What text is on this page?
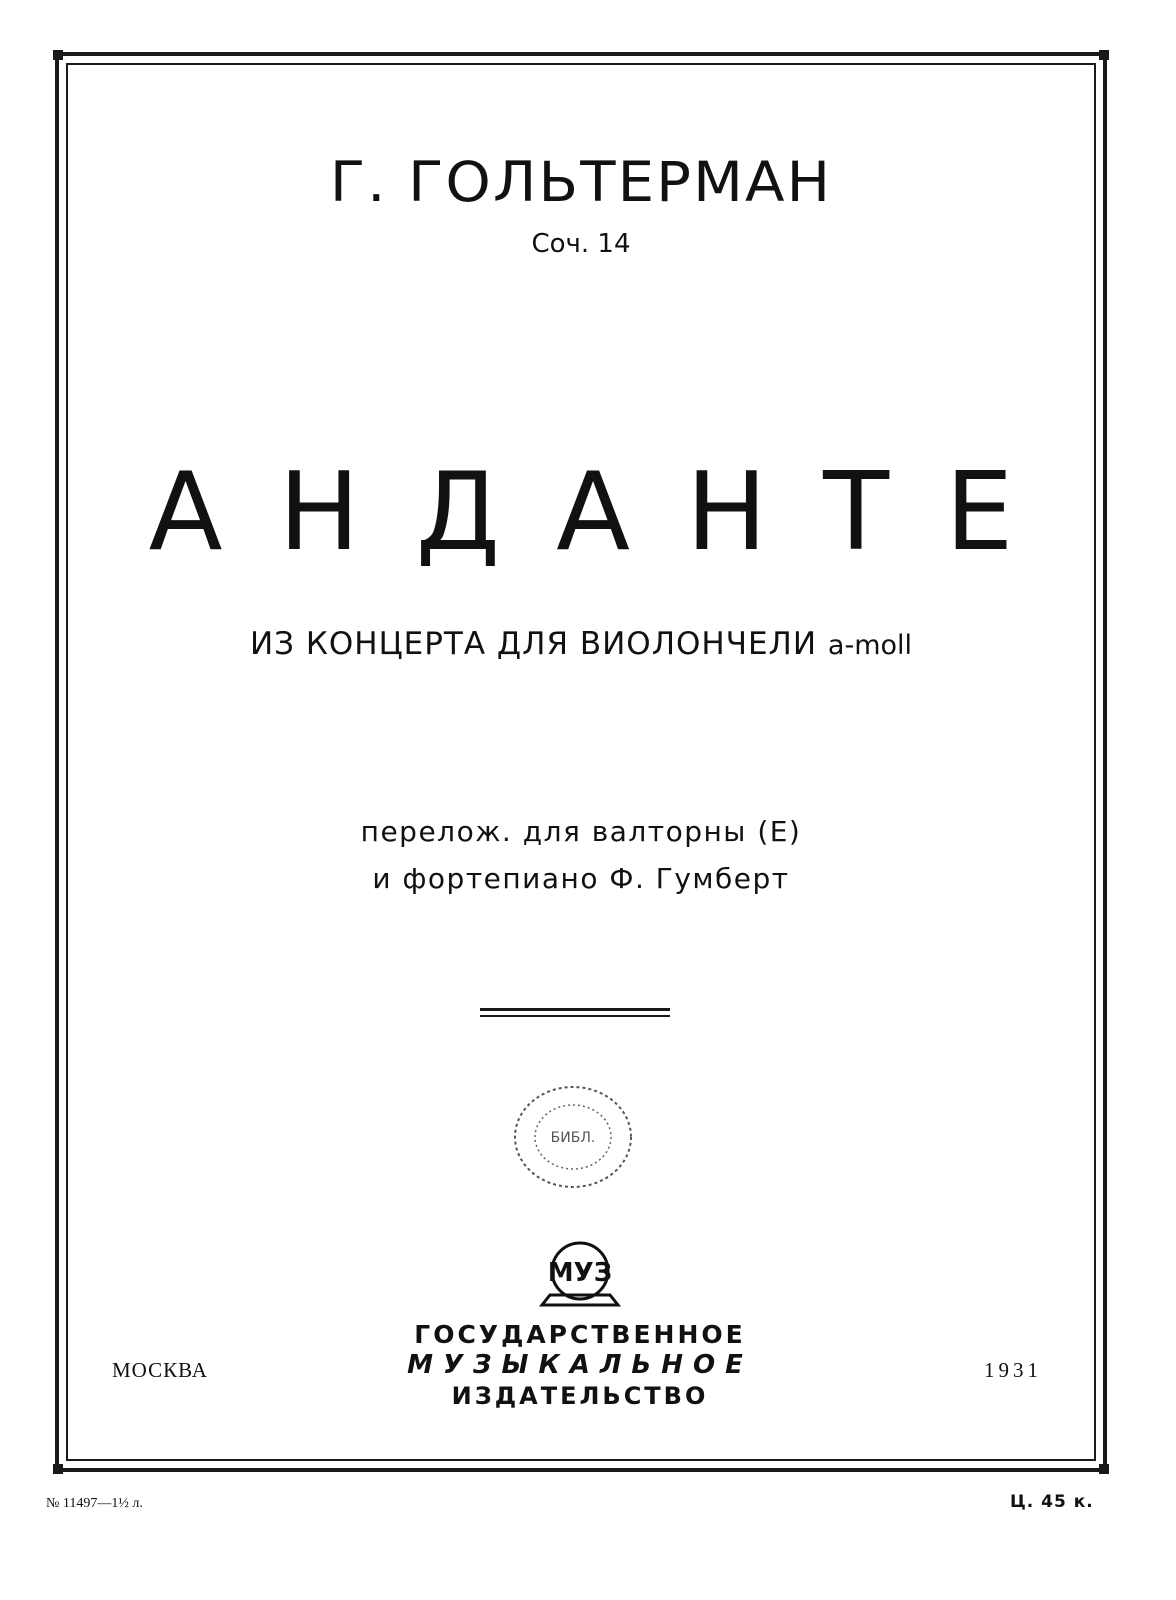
Г. ГОЛЬТЕРМАН
Соч. 14
АНДАНТЕ
ИЗ КОНЦЕРТА ДЛЯ ВИОЛОНЧЕЛИ a-moll
перелож. для валторны (Е)
и фортепиано Ф. Гумберт
БИБЛ.
МУЗ
ГОСУДАРСТВЕННОЕ
МУЗЫКАЛЬНОЕ
ИЗДАТЕЛЬСТВО
МОСКВА	1931
№ 11497—1½ л.	Ц. 45 к.
